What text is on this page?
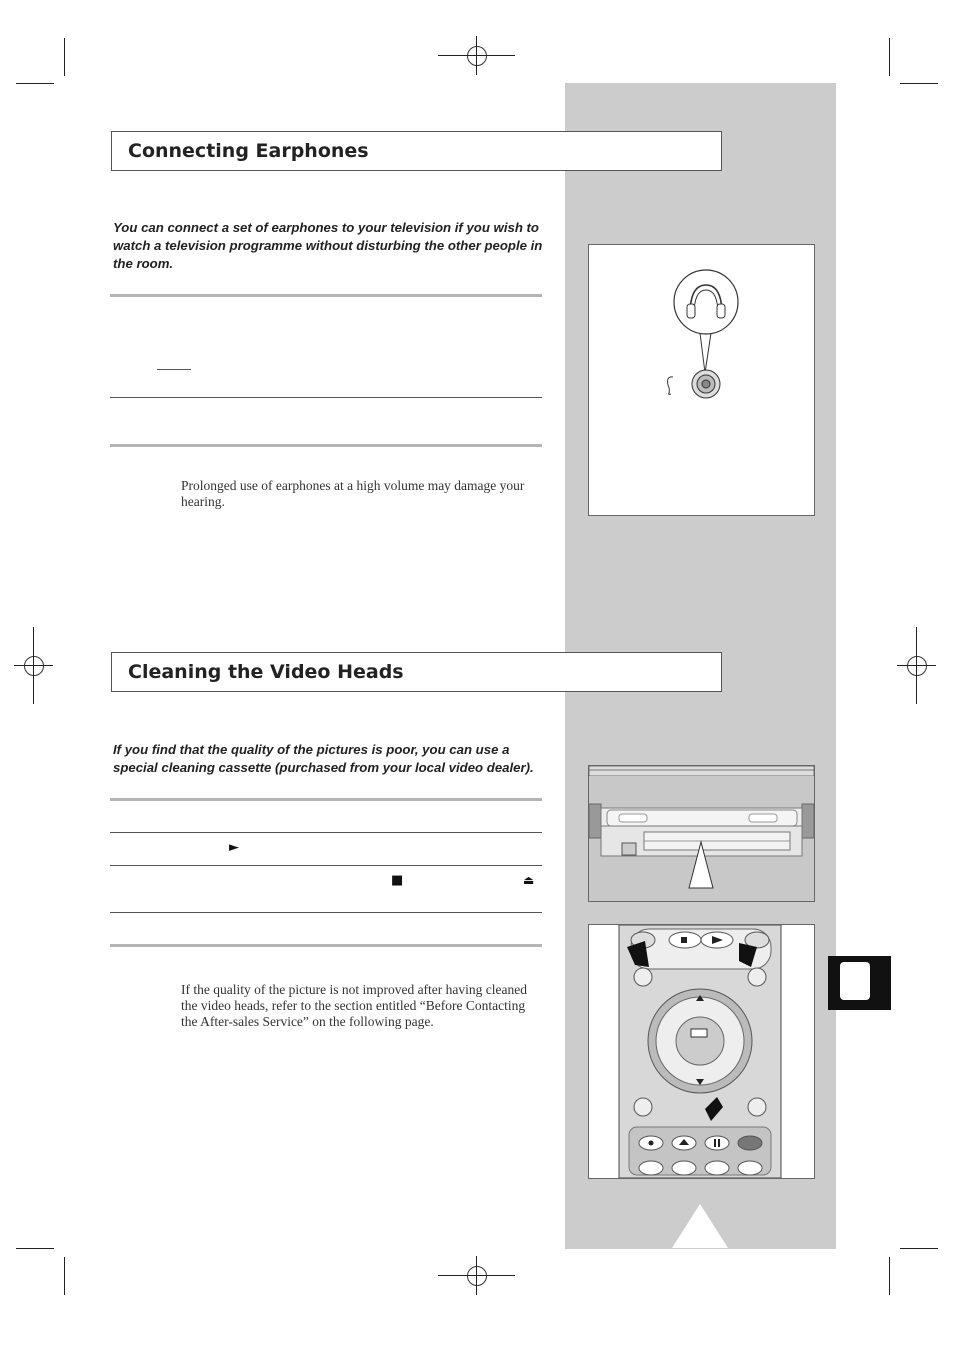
Connecting Earphones
You can connect a set of earphones to your television if you wish to watch a television programme without disturbing the other people in the room.
Prolonged use of earphones at a high volume may damage your hearing.
Cleaning the Video Heads
If you find that the quality of the pictures is poor, you can use a special cleaning cassette (purchased from your local video dealer).
►
■	⏏
If the quality of the picture is not improved after having cleaned the video heads, refer to the section entitled “Before Contacting the After-sales Service” on the following page.
